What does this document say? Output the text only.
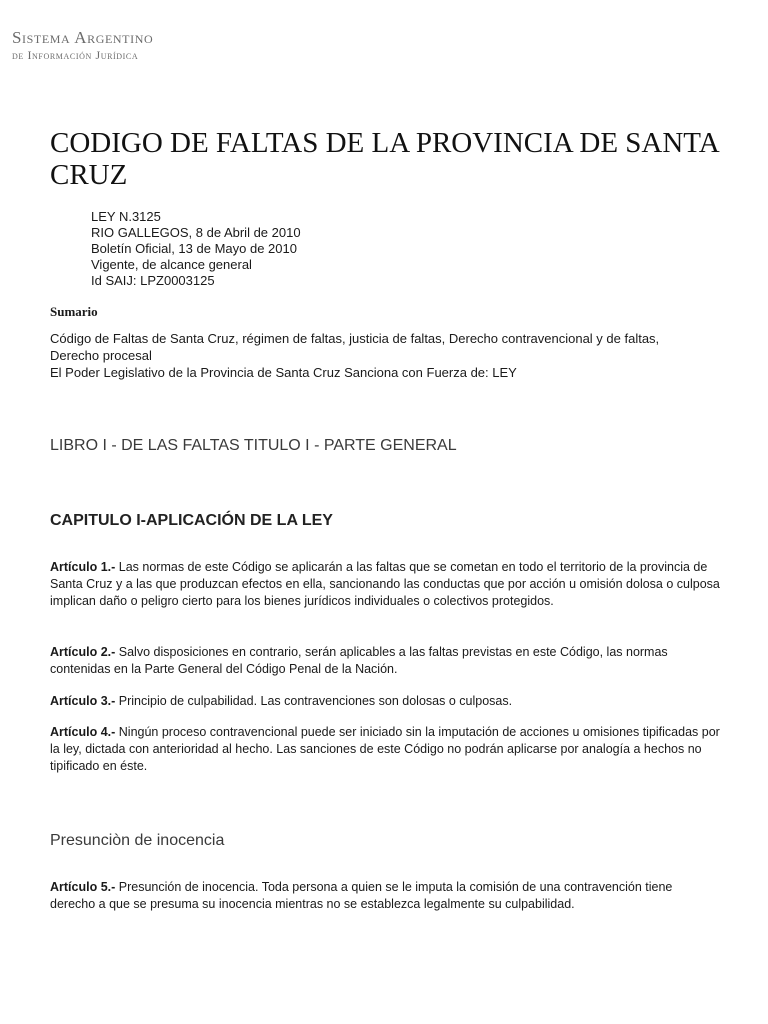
Sistema Argentino
de Información Jurídica
CODIGO DE FALTAS DE LA PROVINCIA DE SANTA CRUZ
LEY N.3125
RIO GALLEGOS, 8 de Abril de 2010
Boletín Oficial, 13 de Mayo de 2010
Vigente, de alcance general
Id SAIJ: LPZ0003125
Sumario
Código de Faltas de Santa Cruz, régimen de faltas, justicia de faltas, Derecho contravencional y de faltas, Derecho procesal
El Poder Legislativo de la Provincia de Santa Cruz Sanciona con Fuerza de: LEY
LIBRO I - DE LAS FALTAS TITULO I - PARTE GENERAL
CAPITULO I-APLICACIÓN DE LA LEY

Artículo 1.- Las normas de este Código se aplicarán a las faltas que se cometan en todo el territorio de la provincia de Santa Cruz y a las que produzcan efectos en ella, sancionando las conductas que por acción u omisión dolosa o culposa implican daño o peligro cierto para los bienes jurídicos individuales o colectivos protegidos.

Artículo 2.- Salvo disposiciones en contrario, serán aplicables a las faltas previstas en este Código, las normas contenidas en la Parte General del Código Penal de la Nación.

Artículo 3.- Principio de culpabilidad. Las contravenciones son dolosas o culposas.

Artículo 4.- Ningún proceso contravencional puede ser iniciado sin la imputación de acciones u omisiones tipificadas por la ley, dictada con anterioridad al hecho. Las sanciones de este Código no podrán aplicarse por analogía a hechos no tipificado en éste.

Presunciòn de inocencia

Artículo 5.- Presunción de inocencia. Toda persona a quien se le imputa la comisión de una contravención tiene derecho a que se presuma su inocencia mientras no se establezca legalmente su culpabilidad.
